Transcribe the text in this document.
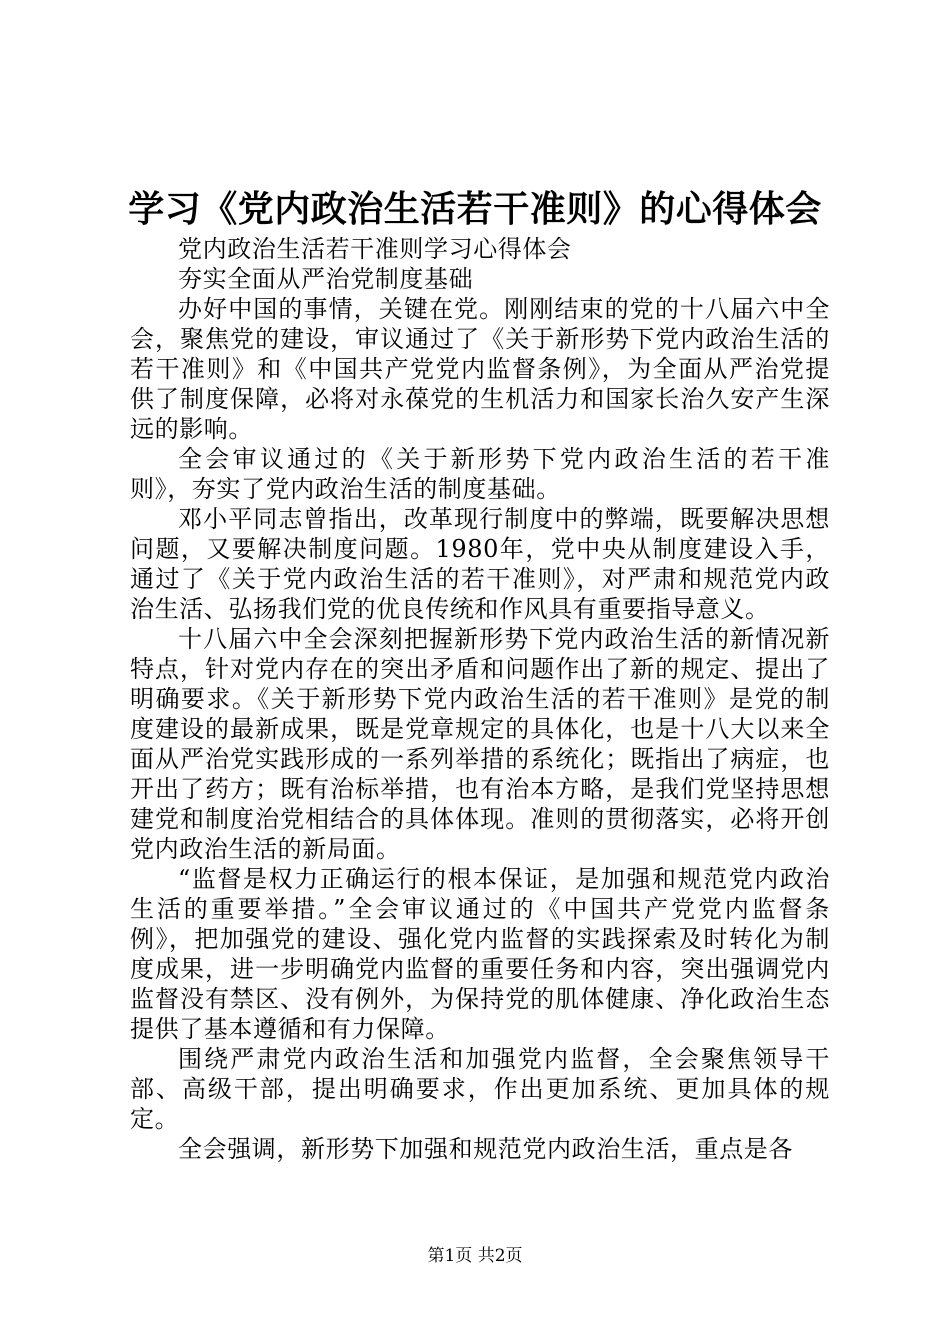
学习《党内政治生活若干准则》的心得体会

党内政治生活若干准则学习心得体会

夯实全面从严治党制度基础

办好中国的事情，关键在党。刚刚结束的党的十八届六中全会，聚焦党的建设，审议通过了《关于新形势下党内政治生活的若干准则》和《中国共产党党内监督条例》，为全面从严治党提供了制度保障，必将对永葆党的生机活力和国家长治久安产生深远的影响。

全会审议通过的《关于新形势下党内政治生活的若干准则》，夯实了党内政治生活的制度基础。

邓小平同志曾指出，改革现行制度中的弊端，既要解决思想问题，又要解决制度问题。1980年，党中央从制度建设入手，通过了《关于党内政治生活的若干准则》，对严肃和规范党内政治生活、弘扬我们党的优良传统和作风具有重要指导意义。

十八届六中全会深刻把握新形势下党内政治生活的新情况新特点，针对党内存在的突出矛盾和问题作出了新的规定、提出了明确要求。《关于新形势下党内政治生活的若干准则》是党的制度建设的最新成果，既是党章规定的具体化，也是十八大以来全面从严治党实践形成的一系列举措的系统化；既指出了病症，也开出了药方；既有治标举措，也有治本方略，是我们党坚持思想建党和制度治党相结合的具体体现。准则的贯彻落实，必将开创党内政治生活的新局面。

“监督是权力正确运行的根本保证，是加强和规范党内政治生活的重要举措。”全会审议通过的《中国共产党党内监督条例》，把加强党的建设、强化党内监督的实践探索及时转化为制度成果，进一步明确党内监督的重要任务和内容，突出强调党内监督没有禁区、没有例外，为保持党的肌体健康、净化政治生态提供了基本遵循和有力保障。

围绕严肃党内政治生活和加强党内监督，全会聚焦领导干部、高级干部，提出明确要求，作出更加系统、更加具体的规定。

全会强调，新形势下加强和规范党内政治生活，重点是各

第1页 共2页
